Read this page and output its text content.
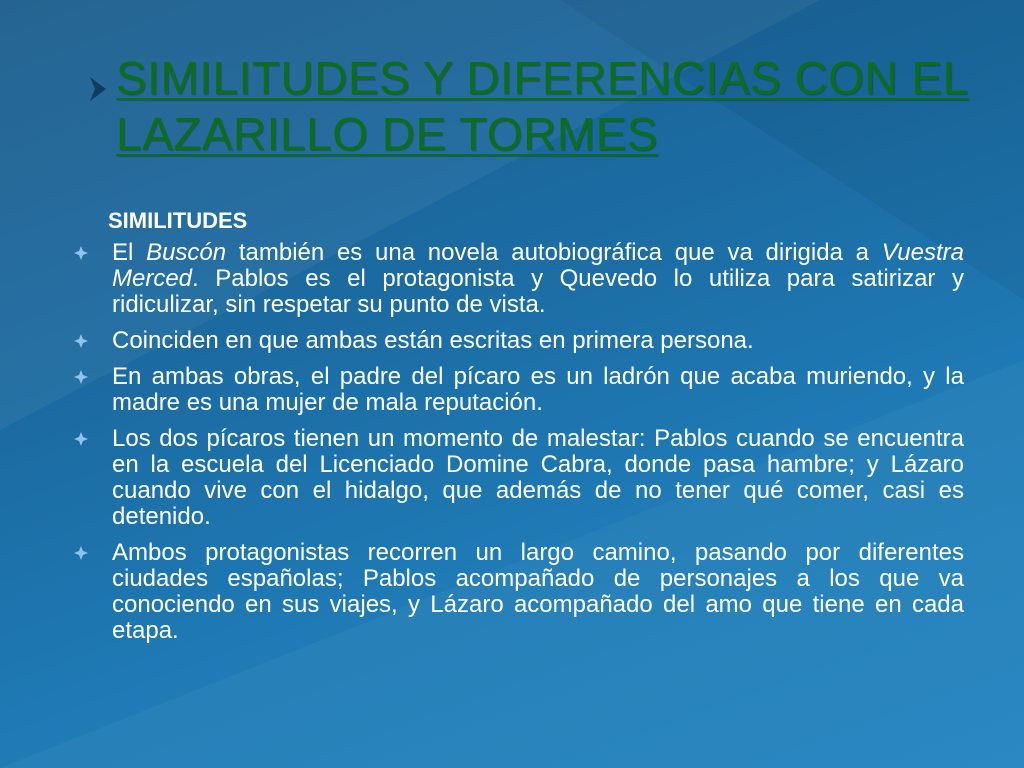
SIMILITUDES Y DIFERENCIAS CON EL LAZARILLO DE TORMES
SIMILITUDES
El Buscón también es una novela autobiográfica que va dirigida a Vuestra Merced. Pablos es el protagonista y Quevedo lo utiliza para satirizar y ridiculizar, sin respetar su punto de vista.
Coinciden en que ambas están escritas en primera persona.
En ambas obras, el padre del pícaro es un ladrón que acaba muriendo, y la madre es una mujer de mala reputación.
Los dos pícaros tienen un momento de malestar: Pablos cuando se encuentra en la escuela del Licenciado Domine Cabra, donde pasa hambre; y Lázaro cuando vive con el hidalgo, que además de no tener qué comer, casi es detenido.
Ambos protagonistas recorren un largo camino, pasando por diferentes ciudades españolas; Pablos acompañado de personajes a los que va conociendo en sus viajes, y Lázaro acompañado del amo que tiene en cada etapa.
